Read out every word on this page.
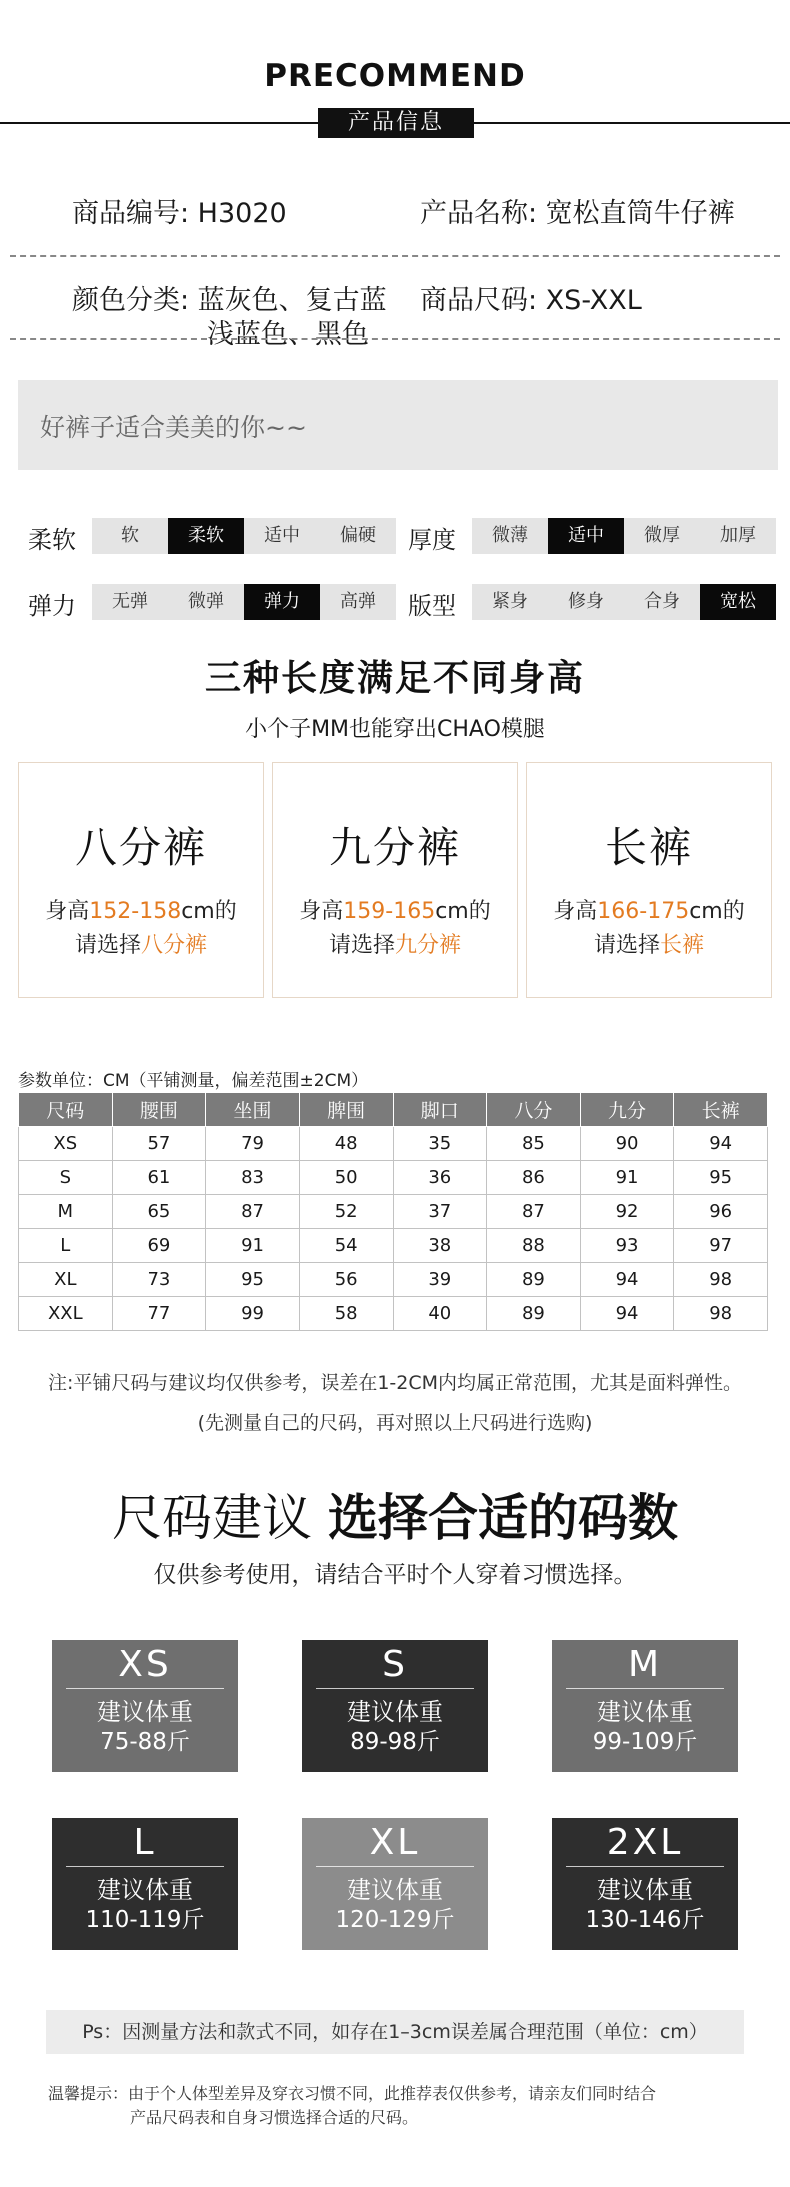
PRECOMMEND
产品信息
商品编号: H3020	产品名称: 宽松直筒牛仔裤
颜色分类: 蓝灰色、复古蓝
浅蓝色、黑色
商品尺码: XS-XXL
好裤子适合美美的你~~
柔软	软	柔软	适中	偏硬	厚度	微薄	适中	微厚	加厚
弹力	无弹	微弹	弹力	高弹	版型	紧身	修身	合身	宽松
三种长度满足不同身高
小个子MM也能穿出CHAO模腿
八分裤
身高152-158cm的
请选择八分裤
九分裤
身高159-165cm的
请选择九分裤
长裤
身高166-175cm的
请选择长裤
参数单位：CM（平铺测量，偏差范围±2CM）
尺码	腰围	坐围	脾围	脚口	八分	九分	长裤
XS	57	79	48	35	85	90	94
S	61	83	50	36	86	91	95
M	65	87	52	37	87	92	96
L	69	91	54	38	88	93	97
XL	73	95	56	39	89	94	98
XXL	77	99	58	40	89	94	98
注:平铺尺码与建议均仅供参考，误差在1-2CM内均属正常范围，尤其是面料弹性。
(先测量自己的尺码，再对照以上尺码进行选购)
尺码建议 选择合适的码数
仅供参考使用，请结合平时个人穿着习惯选择。
XS
建议体重
75-88斤
S
建议体重
89-98斤
M
建议体重
99-109斤
L
建议体重
110-119斤
XL
建议体重
120-129斤
2XL
建议体重
130-146斤
Ps：因测量方法和款式不同，如存在1–3cm误差属合理范围（单位：cm）
温馨提示：由于个人体型差异及穿衣习惯不同，此推荐表仅供参考，请亲友们同时结合
产品尺码表和自身习惯选择合适的尺码。
